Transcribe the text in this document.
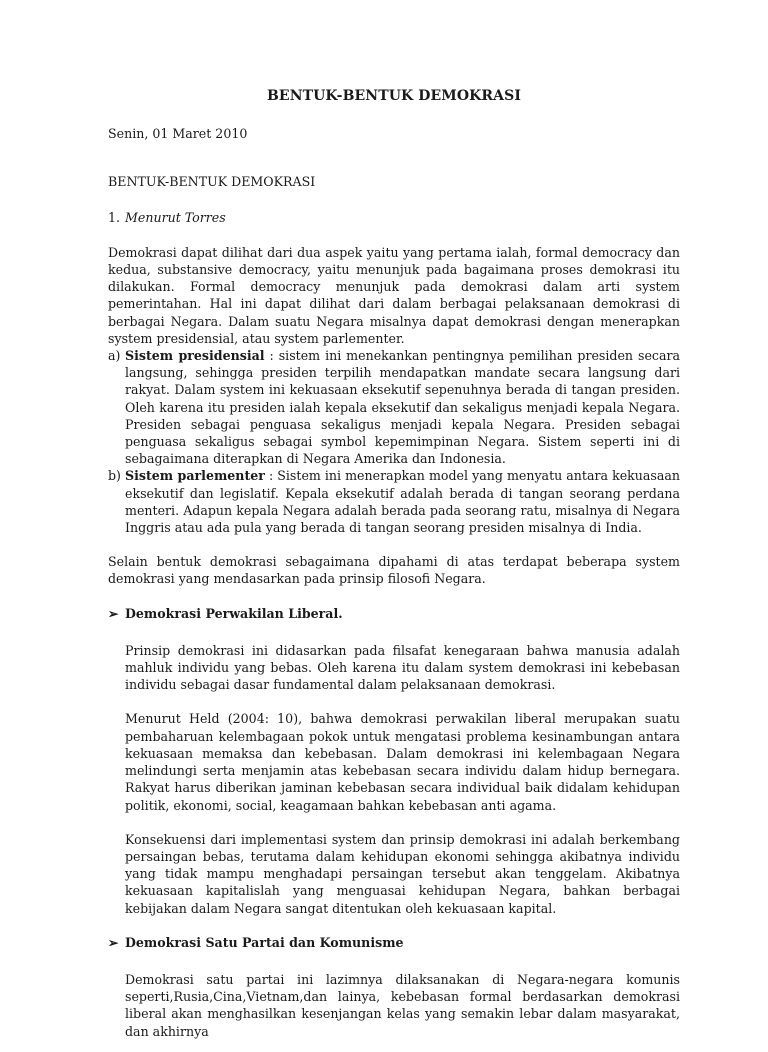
BENTUK-BENTUK DEMOKRASI
Senin, 01 Maret 2010
BENTUK-BENTUK DEMOKRASI
1. Menurut Torres

Demokrasi dapat dilihat dari dua aspek yaitu yang pertama ialah, formal democracy dan kedua, substansive democracy, yaitu menunjuk pada bagaimana proses demokrasi itu dilakukan. Formal democracy menunjuk pada demokrasi dalam arti system pemerintahan. Hal ini dapat dilihat dari dalam berbagai pelaksanaan demokrasi di berbagai Negara. Dalam suatu Negara misalnya dapat demokrasi dengan menerapkan system presidensial, atau system parlementer.

a) Sistem presidensial : sistem ini menekankan pentingnya pemilihan presiden secara langsung, sehingga presiden terpilih mendapatkan mandate secara langsung dari rakyat. Dalam system ini kekuasaan eksekutif sepenuhnya berada di tangan presiden. Oleh karena itu presiden ialah kepala eksekutif dan sekaligus menjadi kepala Negara. Presiden sebagai penguasa sekaligus menjadi kepala Negara. Presiden sebagai penguasa sekaligus sebagai symbol kepemimpinan Negara. Sistem seperti ini di sebagaimana diterapkan di Negara Amerika dan Indonesia.
b) Sistem parlementer : Sistem ini menerapkan model yang menyatu antara kekuasaan eksekutif dan legislatif. Kepala eksekutif adalah berada di tangan seorang perdana menteri. Adapun kepala Negara adalah berada pada seorang ratu, misalnya di Negara Inggris atau ada pula yang berada di tangan seorang presiden misalnya di India.

Selain bentuk demokrasi sebagaimana dipahami di atas terdapat beberapa system demokrasi yang mendasarkan pada prinsip filosofi Negara.

➢ Demokrasi Perwakilan Liberal.

Prinsip demokrasi ini didasarkan pada filsafat kenegaraan bahwa manusia adalah mahluk individu yang bebas. Oleh karena itu dalam system demokrasi ini kebebasan individu sebagai dasar fundamental dalam pelaksanaan demokrasi.

Menurut Held (2004: 10), bahwa demokrasi perwakilan liberal merupakan suatu pembaharuan kelembagaan pokok untuk mengatasi problema kesinambungan antara kekuasaan memaksa dan kebebasan. Dalam demokrasi ini kelembagaan Negara melindungi serta menjamin atas kebebasan secara individu dalam hidup bernegara. Rakyat harus diberikan jaminan kebebasan secara individual baik didalam kehidupan politik, ekonomi, social, keagamaan bahkan kebebasan anti agama.

Konsekuensi dari implementasi system dan prinsip demokrasi ini adalah berkembang persaingan bebas, terutama dalam kehidupan ekonomi sehingga akibatnya individu yang tidak mampu menghadapi persaingan tersebut akan tenggelam. Akibatnya kekuasaan kapitalislah yang menguasai kehidupan Negara, bahkan berbagai kebijakan dalam Negara sangat ditentukan oleh kekuasaan kapital.

➢ Demokrasi Satu Partai dan Komunisme

Demokrasi satu partai ini lazimnya dilaksanakan di Negara-negara komunis seperti,Rusia,Cina,Vietnam,dan lainya, kebebasan formal berdasarkan demokrasi liberal akan menghasilkan kesenjangan kelas yang semakin lebar dalam masyarakat, dan akhirnya
